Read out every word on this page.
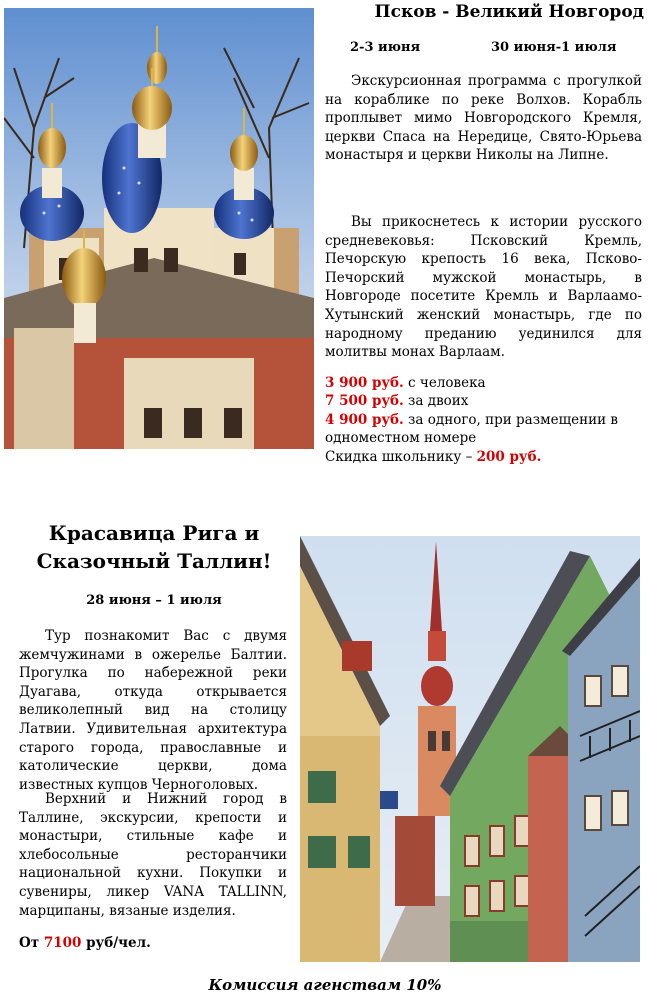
Псков - Великий Новгород
2-3 июня	30 июня-1 июля

Экскурсионная программа с прогулкой на кораблике по реке Волхов. Корабль проплывет мимо Новгородского Кремля, церкви Спаса на Нередице, Свято-Юрьева монастыря и церкви Николы на Липне.

Вы прикоснетесь к истории русского средневековья: Псковский Кремль, Печорскую крепость 16 века, Псково-Печорский мужской монастырь, в Новгороде посетите Кремль и Варлаамо-Хутынский женский монастырь, где по народному преданию уединился для молитвы монах Варлаам.

3 900 руб. с человека
7 500 руб. за двоих
4 900 руб. за одного, при размещении в одноместном номере
Скидка школьнику – 200 руб.
Красавица Рига и
Сказочный Таллин!
28 июня – 1 июля

Тур познакомит Вас с двумя жемчужинами в ожерелье Балтии. Прогулка по набережной реки Дуагава, откуда открывается великолепный вид на столицу Латвии. Удивительная архитектура старого города, православные и католические церкви, дома известных купцов Черноголовых.

Верхний и Нижний город в Таллине, экскурсии, крепости и монастыри, стильные кафе и хлебосольные ресторанчики национальной кухни. Покупки и сувениры, ликер VANA TALLINN, марципаны, вязаные изделия.

От 7100 руб/чел.
Комиссия агенствам 10%
